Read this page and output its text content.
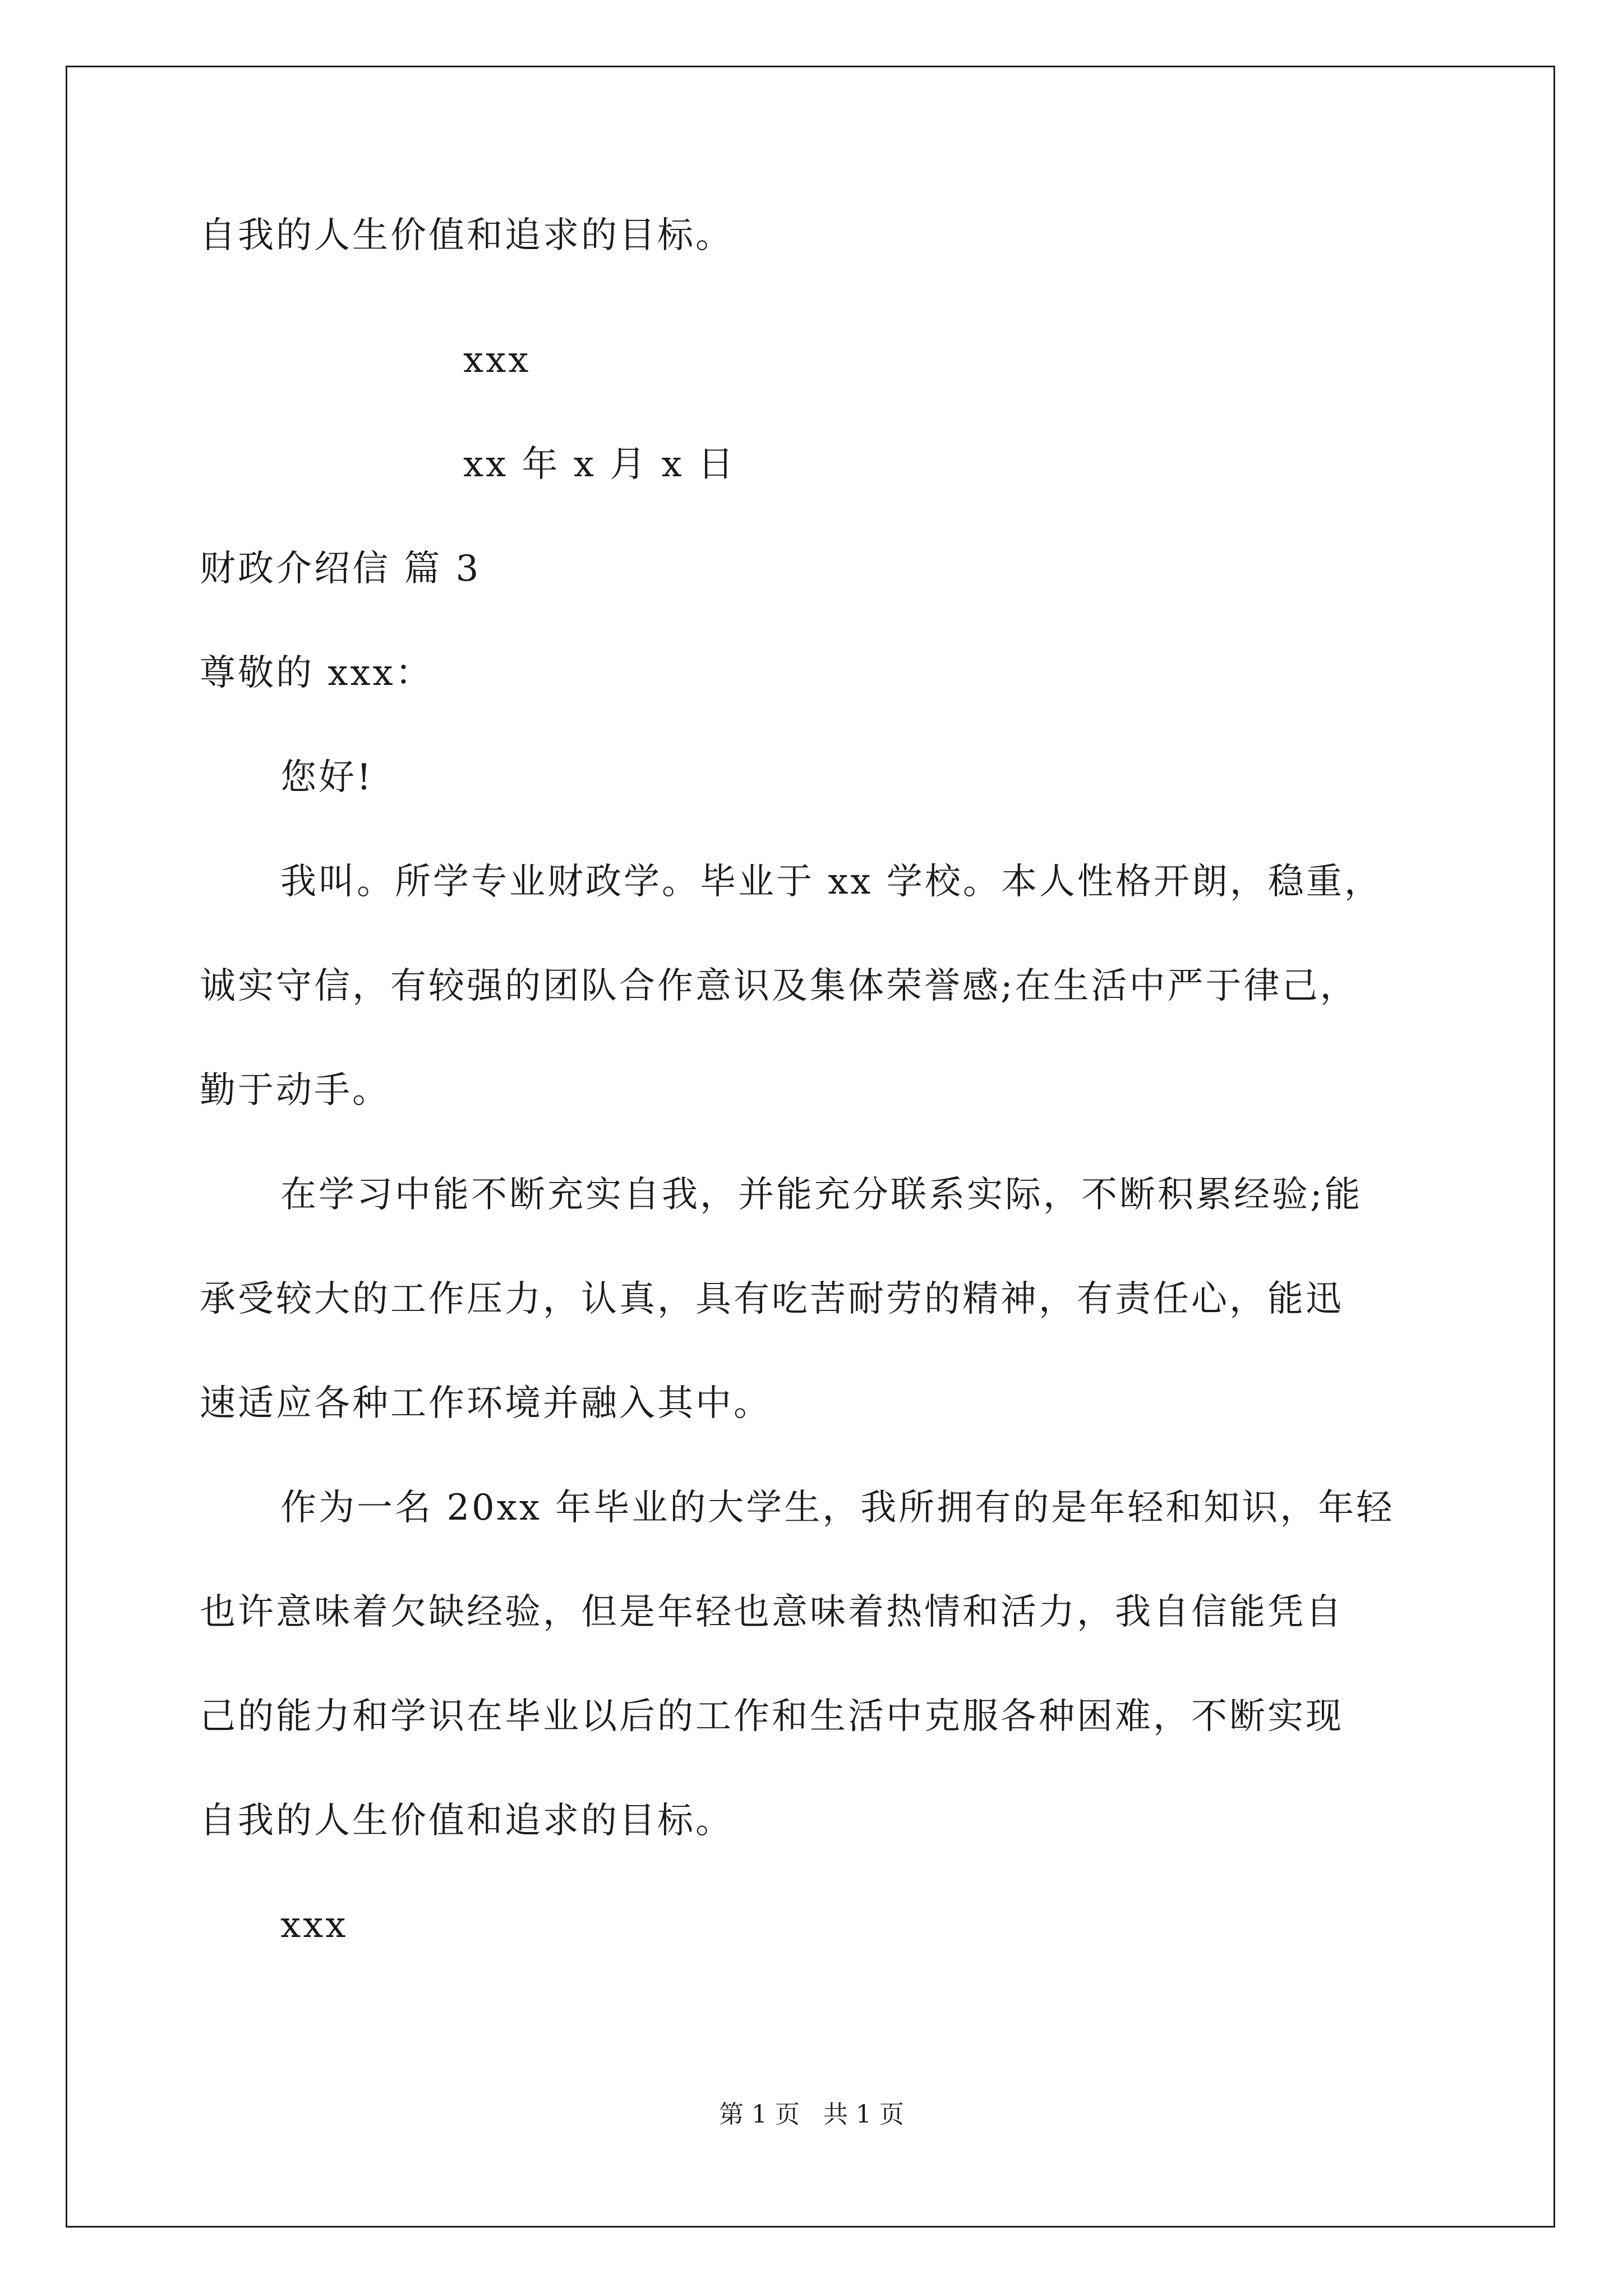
自我的人生价值和追求的目标。
xxx
xx 年 x 月 x 日
财政介绍信 篇 3
尊敬的 xxx：
您好!
我叫。所学专业财政学。毕业于 xx 学校。本人性格开朗，稳重，
诚实守信，有较强的团队合作意识及集体荣誉感;在生活中严于律己，
勤于动手。
在学习中能不断充实自我，并能充分联系实际，不断积累经验;能
承受较大的工作压力，认真，具有吃苦耐劳的精神，有责任心，能迅
速适应各种工作环境并融入其中。
作为一名 20xx 年毕业的大学生，我所拥有的是年轻和知识，年轻
也许意味着欠缺经验，但是年轻也意味着热情和活力，我自信能凭自
己的能力和学识在毕业以后的工作和生活中克服各种困难，不断实现
自我的人生价值和追求的目标。
xxx
第 1 页   共 1 页
